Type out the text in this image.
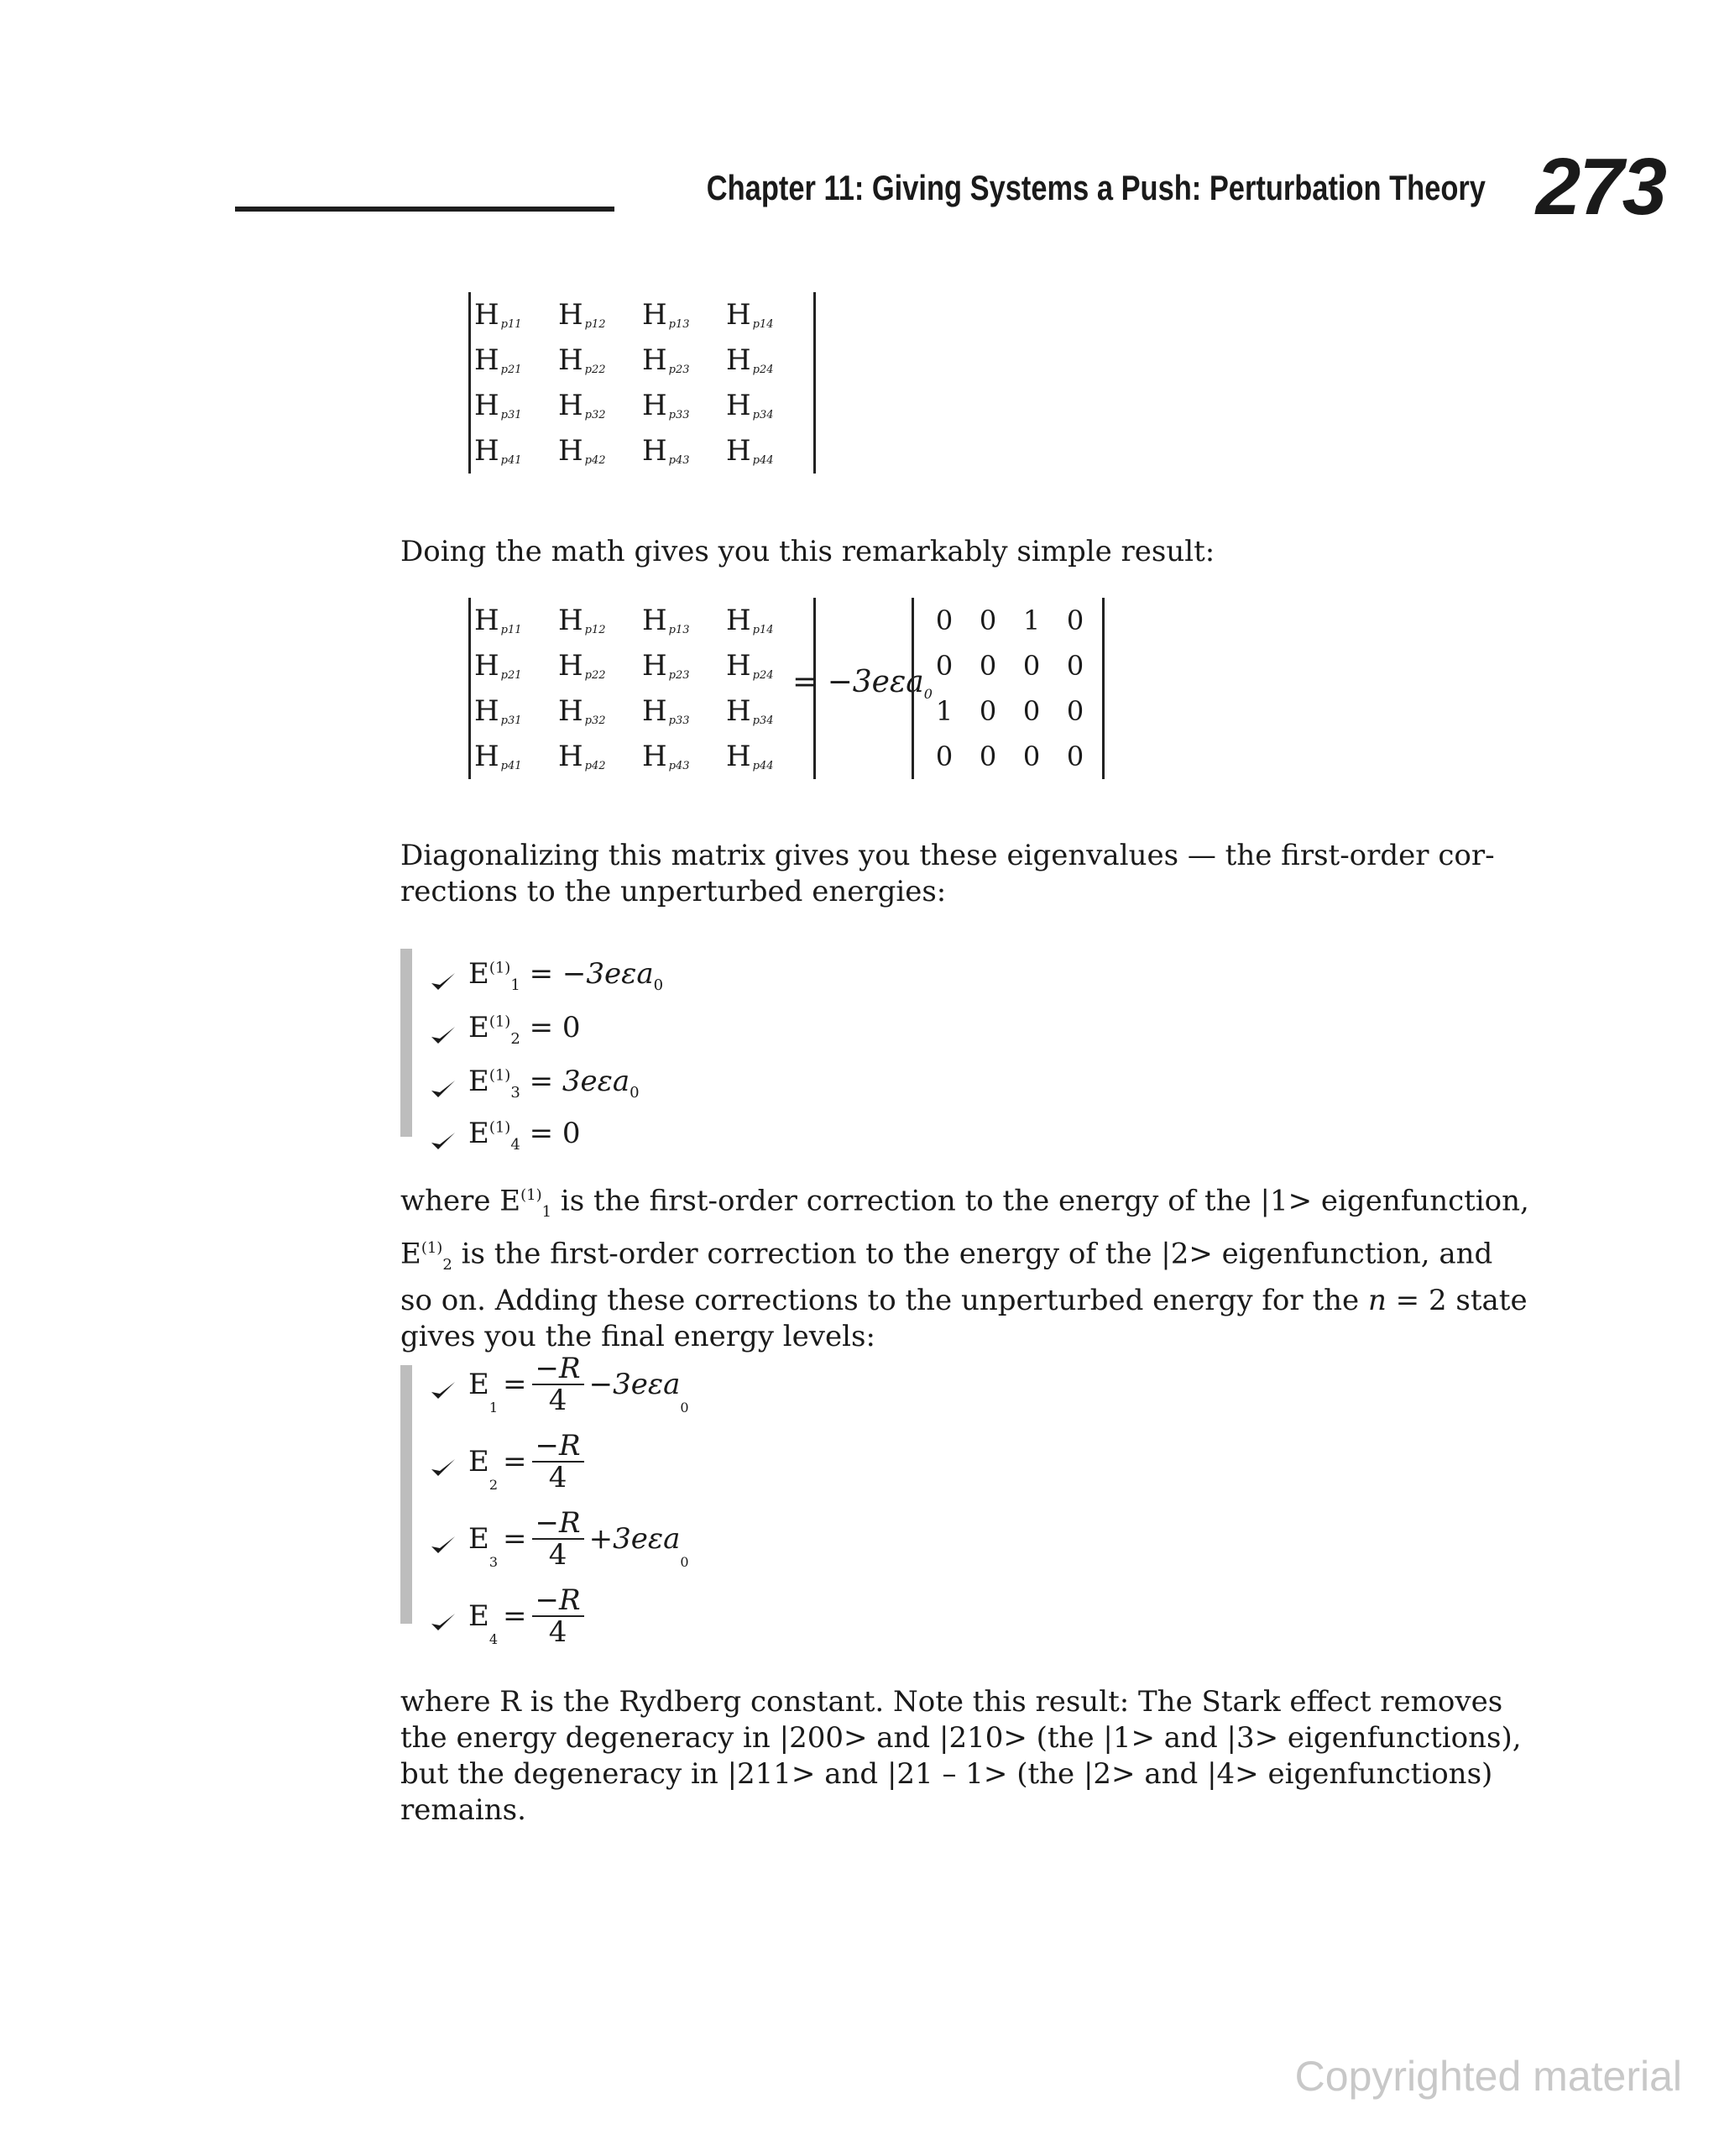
Chapter 11: Giving Systems a Push: Perturbation Theory 273
H $_{p11}$	H $_{p12}$	H $_{p13}$	H $_{p14}$
H $_{p21}$	H $_{p22}$	H $_{p23}$	H $_{p24}$
H $_{p31}$	H $_{p32}$	H $_{p33}$	H $_{p34}$
H $_{p41}$	H $_{p42}$	H $_{p43}$	H $_{p44}$

Doing the math gives you this remarkably simple result:

H $_{p11}$	H $_{p12}$	H $_{p13}$	H $_{p14}$
H $_{p21}$	H $_{p22}$	H $_{p23}$	H $_{p24}$
H $_{p31}$	H $_{p32}$	H $_{p33}$	H $_{p34}$
H $_{p41}$	H $_{p42}$	H $_{p43}$	H $_{p44}$
= −3eεa$_0$
0 0 1 0
0 0 0 0
1 0 0 0
0 0 0 0

Diagonalizing this matrix gives you these eigenvalues — the first-order cor-

rections to the unperturbed energies:

$E^{(1)}_1 = -3e\varepsilon a_0$
$E^{(1)}_2 = 0$
$E^{(1)}_3 = 3e\varepsilon a_0$
$E^{(1)}_4 = 0$

where $E^{(1)}_1$ is the first-order correction to the energy of the |1> eigenfunction,

$E^{(1)}_2$ is the first-order correction to the energy of the |2> eigenfunction, and

so on. Adding these corrections to the unperturbed energy for the n = 2 state

gives you the final energy levels:

E
$_1$
= $\frac{-R}{4} -3e\varepsilon a$
$_0$
E
$_2$
= $\frac{-R}{4}$
E
$_3$
= $\frac{-R}{4} +3e\varepsilon a$
$_0$
E
$_4$
= $\frac{-R}{4}$

where R is the Rydberg constant. Note this result: The Stark effect removes

the energy degeneracy in |200> and |210> (the |1> and |3> eigenfunctions),

but the degeneracy in |211> and |21 – 1> (the |2> and |4> eigenfunctions)

remains.

Copyrighted material
